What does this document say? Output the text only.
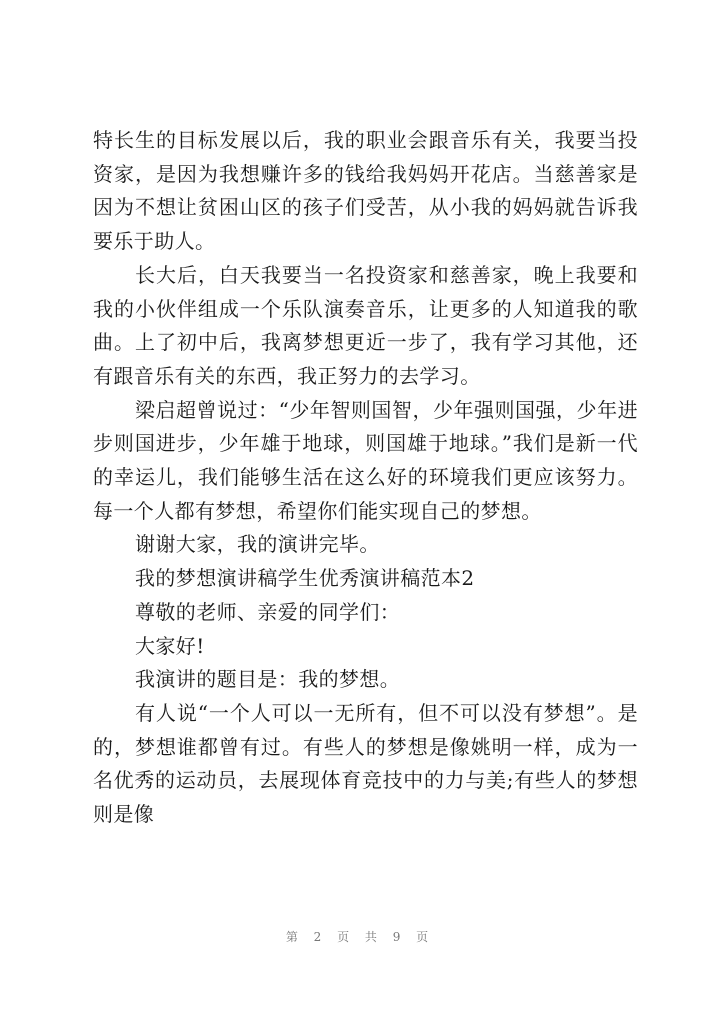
特长生的目标发展以后，我的职业会跟音乐有关，我要当投资家，是因为我想赚许多的钱给我妈妈开花店。当慈善家是因为不想让贫困山区的孩子们受苦，从小我的妈妈就告诉我要乐于助人。

长大后，白天我要当一名投资家和慈善家，晚上我要和我的小伙伴组成一个乐队演奏音乐，让更多的人知道我的歌曲。上了初中后，我离梦想更近一步了，我有学习其他，还有跟音乐有关的东西，我正努力的去学习。

梁启超曾说过：“少年智则国智，少年强则国强，少年进步则国进步，少年雄于地球，则国雄于地球。”我们是新一代的幸运儿，我们能够生活在这么好的环境我们更应该努力。每一个人都有梦想，希望你们能实现自己的梦想。

谢谢大家，我的演讲完毕。

我的梦想演讲稿学生优秀演讲稿范本2

尊敬的老师、亲爱的同学们：

大家好!

我演讲的题目是：我的梦想。

有人说“一个人可以一无所有，但不可以没有梦想”。是的，梦想谁都曾有过。有些人的梦想是像姚明一样，成为一名优秀的运动员，去展现体育竞技中的力与美;有些人的梦想则是像

第 2 页 共 9 页
